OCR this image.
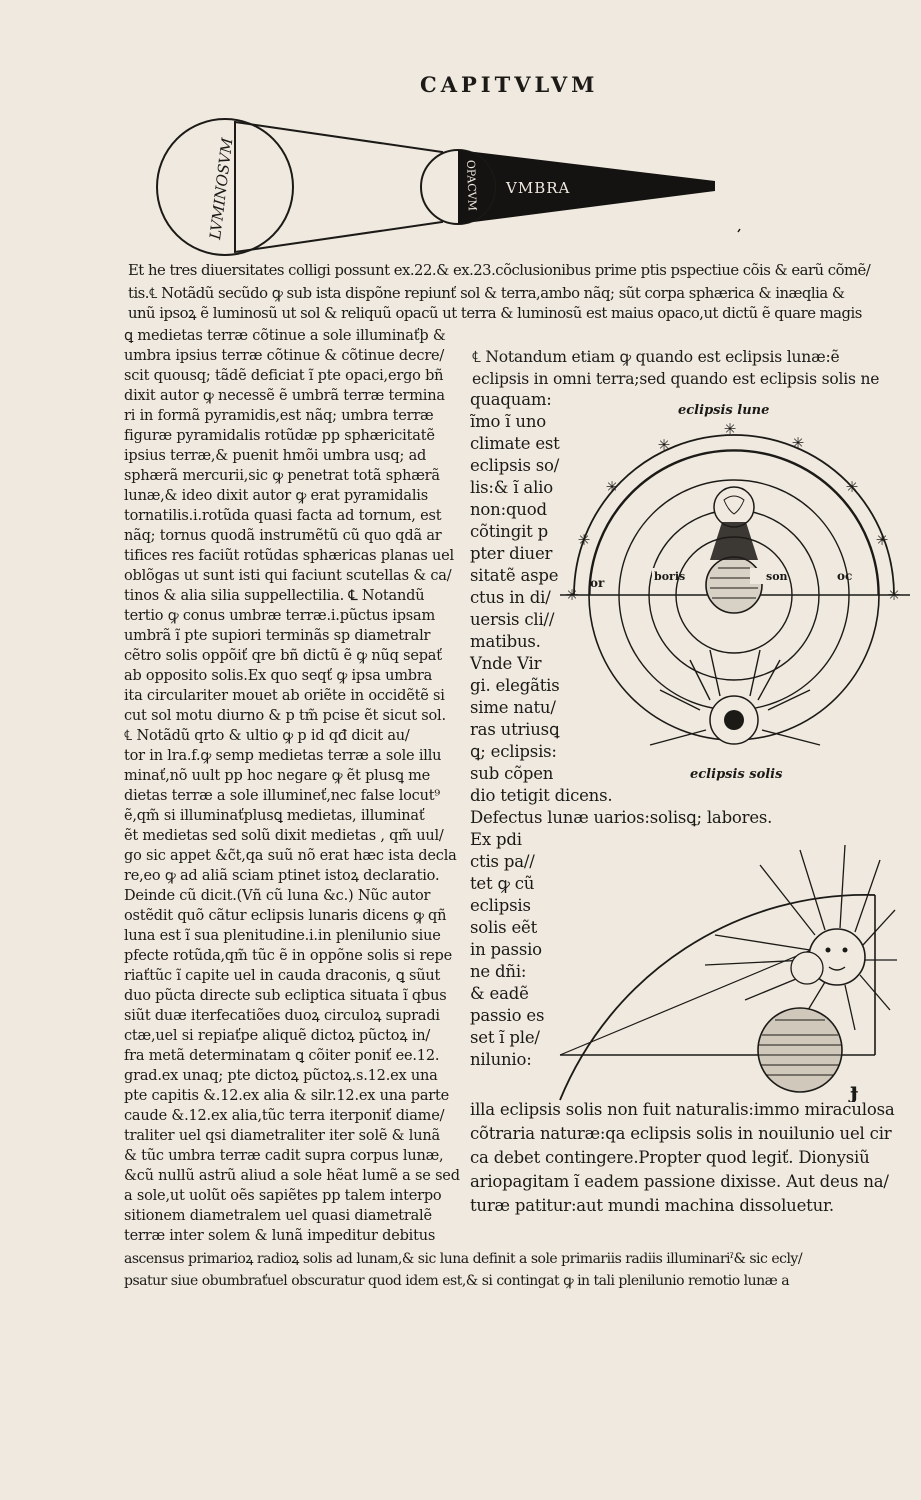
CAPITVLVM
LVMINOSVM	OPACVM VMBRA
Et he tres diuersitates colligi possunt ex.22.& ex.23.cõclusionibus prime ptis pspectiue cõis & earũ cõmẽ/
tis.℄ Notãdũ secũdo ꝙ sub ista dispõne repiunť sol & terra,ambo nãq; sũt corpa sphærica & inæqlia &
unũ ipsoꝝ ẽ luminosũ ut sol & reliquũ opacũ ut terra & luminosũ est maius opaco,ut dictũ ẽ quare magis
ꝗ medietas terræ cõtinue a sole illuminaťþ &
umbra ipsius terræ cõtinue & cõtinue decre/
scit quousq; tãdẽ deficiat ĩ pte opaci,ergo bñ
dixit autor ꝙ necessẽ ẽ umbrã terræ termina
ri in formã pyramidis,est nãq; umbra terræ
figuræ pyramidalis rotũdæ pp sphæricitatẽ
ipsius terræ,& puenit hmõi umbra usq; ad
sphærã mercurii,sic ꝙ penetrat totã sphærã
lunæ,& ideo dixit autor ꝙ erat pyramidalis
tornatilis.i.rotũda quasi facta ad tornum, est
nãq; tornus quodã instrumẽtũ cũ quo qdã ar
tifices res faciũt rotũdas sphæricas planas uel
oblõgas ut sunt isti qui faciunt scutellas & ca/
tinos & alia silia suppellectilia. ℄ Notandũ
tertio ꝙ conus umbræ terræ.i.pũctus ipsam
umbrã ĩ pte supiori terminãs sp diametralr
cẽtro solis oppõiť qre bñ dictũ ẽ ꝙ nũq sepať
ab opposito solis.Ex quo seqť ꝙ ipsa umbra
ita circulariter mouet ab oriẽte in occidẽtẽ si
cut sol motu diurno & p tm̃ pcise ẽt sicut sol.
℄ Notãdũ qrto & ultio ꝙ p id qđ dicit au/
tor in lra.f.ꝙ semp medietas terræ a sole illu
minať,nõ uult pp hoc negare ꝙ ẽt plusꝗ me
dietas terræ a sole illumineť,nec false locut⁹
ẽ,qm̃ si illuminaťplusꝗ medietas, illuminať
ẽt medietas sed solũ dixit medietas , qm̃ uul/
go sic appet &c̃t,qa suũ nõ erat hæc ista decla
re,eo ꝙ ad aliã sciam ptinet istoꝝ declaratio.
Deinde cũ dicit.(Vñ cũ luna &c.) Nũc autor
ostẽdit quõ cãtur eclipsis lunaris dicens ꝙ qñ
luna est ĩ sua plenitudine.i.in plenilunio siue
pfecte rotũda,qm̃ tũc ẽ in oppõne solis si repe
riaťtũc ĩ capite uel in cauda draconis, ꝗ sũut
duo pũcta directe sub ecliptica situata ĩ qbus
siũt duæ iterfecatiões duoꝝ circuloꝝ supradi
ctæ,uel si repiaťpe aliquẽ dictoꝝ pũctoꝝ in/
fra metã determinatam ꝗ cõiter poniť ee.12.
grad.ex unaq; pte dictoꝝ pũctoꝝ.s.12.ex una
pte capitis &.12.ex alia & silr.12.ex una parte
caude &.12.ex alia,tũc terra iterponiť diame/
traliter uel qsi diametraliter iter solẽ & lunã
& tũc umbra terræ cadit supra corpus lunæ,
&cũ nullũ astrũ aliud a sole hẽat lumẽ a se sed
a sole,ut uolũt oẽs sapiẽtes pp talem interpo
sitionem diametralem uel quasi diametralẽ
terræ inter solem & lunã impeditur debitus
℄ Notandum etiam ꝙ quando est eclipsis lunæ:ẽ
eclipsis in omni terra;sed quando est eclipsis solis ne
quaquam:
ĩmo ĩ uno
climate est
eclipsis so/
lis:& ĩ alio
non:quod
cõtingit p
pter diuer
sitatẽ aspe
ctus in di/
uersis cli//
matibus.
Vnde Vir
gi. elegãtis
sime natu/
ras utriusꝗ
ꝗ; eclipsis:
sub cõpen
eclipsis lune
✳
✳
✳
✳
✳
✳
✳
✳	✳
or	boris	son	oc
eclipsis solis
dio tetigit dicens.
Defectus lunæ uarios:solisꝗ; labores.
Ex pdi
ctis pa//
tet ꝙ cũ
eclipsis
solis eẽt
in passio
ne dñi:
& eadẽ
passio es
set ĩ ple/
nilunio:
ɟ
illa eclipsis solis non fuit naturalis:immo miraculosa
cõtraria naturæ:qa eclipsis solis in nouilunio uel cir
ca debet contingere.Propter quod legiť. Dionysiũ
ariopagitam ĩ eadem passione dixisse. Aut deus na/
turæ patitur:aut mundi machina dissoluetur.
ascensus primarioꝝ radioꝝ solis ad lunam,& sic luna definit a sole primariis radiis illuminariˀ& sic ecly/
psatur siue obumbraťuel obscuratur quod idem est,& si contingat ꝙ in tali plenilunio remotio lunæ a
